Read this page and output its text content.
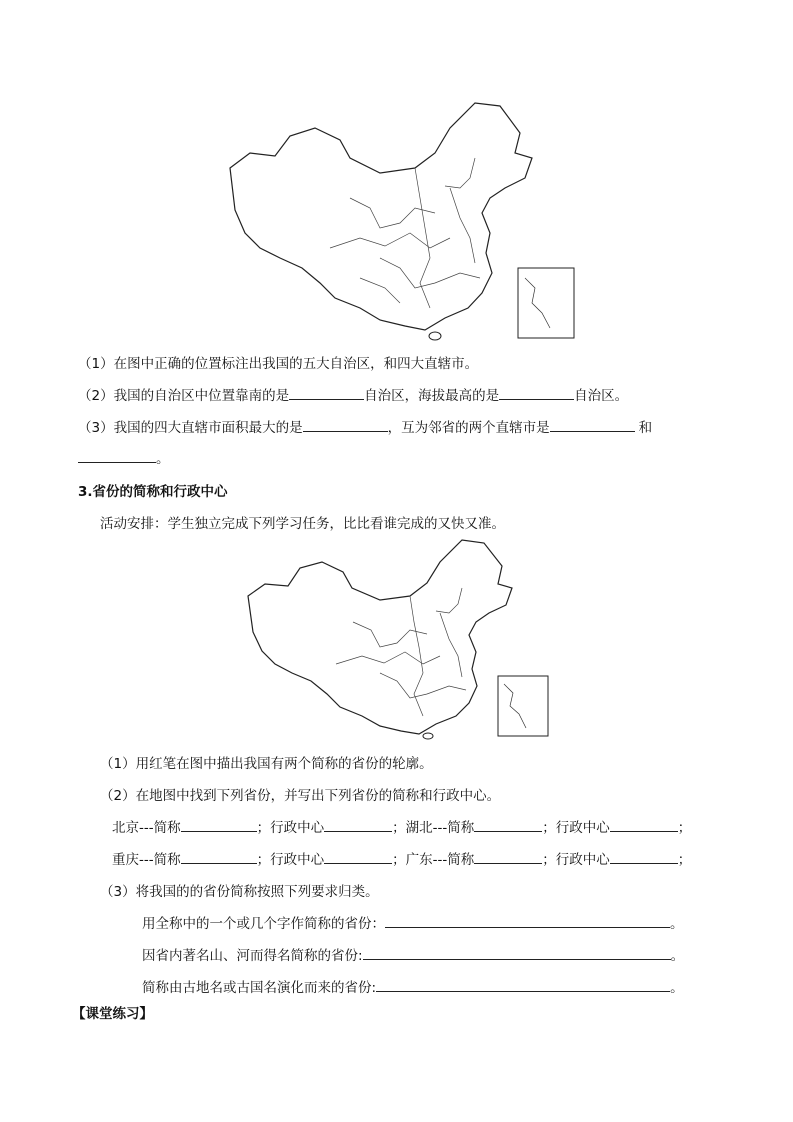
（1）在图中正确的位置标注出我国的五大自治区，和四大直辖市。
（2）我国的自治区中位置靠南的是	自治区，海拔最高的是	自治区。
（3）我国的四大直辖市面积最大的是	，互为邻省的两个直辖市是	和
。
3.省份的简称和行政中心
活动安排：学生独立完成下列学习任务，比比看谁完成的又快又准。
（1）用红笔在图中描出我国有两个简称的省份的轮廓。
（2）在地图中找到下列省份，并写出下列省份的简称和行政中心。
北京---简称	；行政中心	；湖北---简称	；行政中心	；
重庆---简称	；行政中心	；广东---简称	；行政中心	；
（3）将我国的的省份简称按照下列要求归类。
用全称中的一个或几个字作简称的省份：	。
因省内著名山、河而得名简称的省份:	。
简称由古地名或古国名演化而来的省份:	。
【课堂练习】
